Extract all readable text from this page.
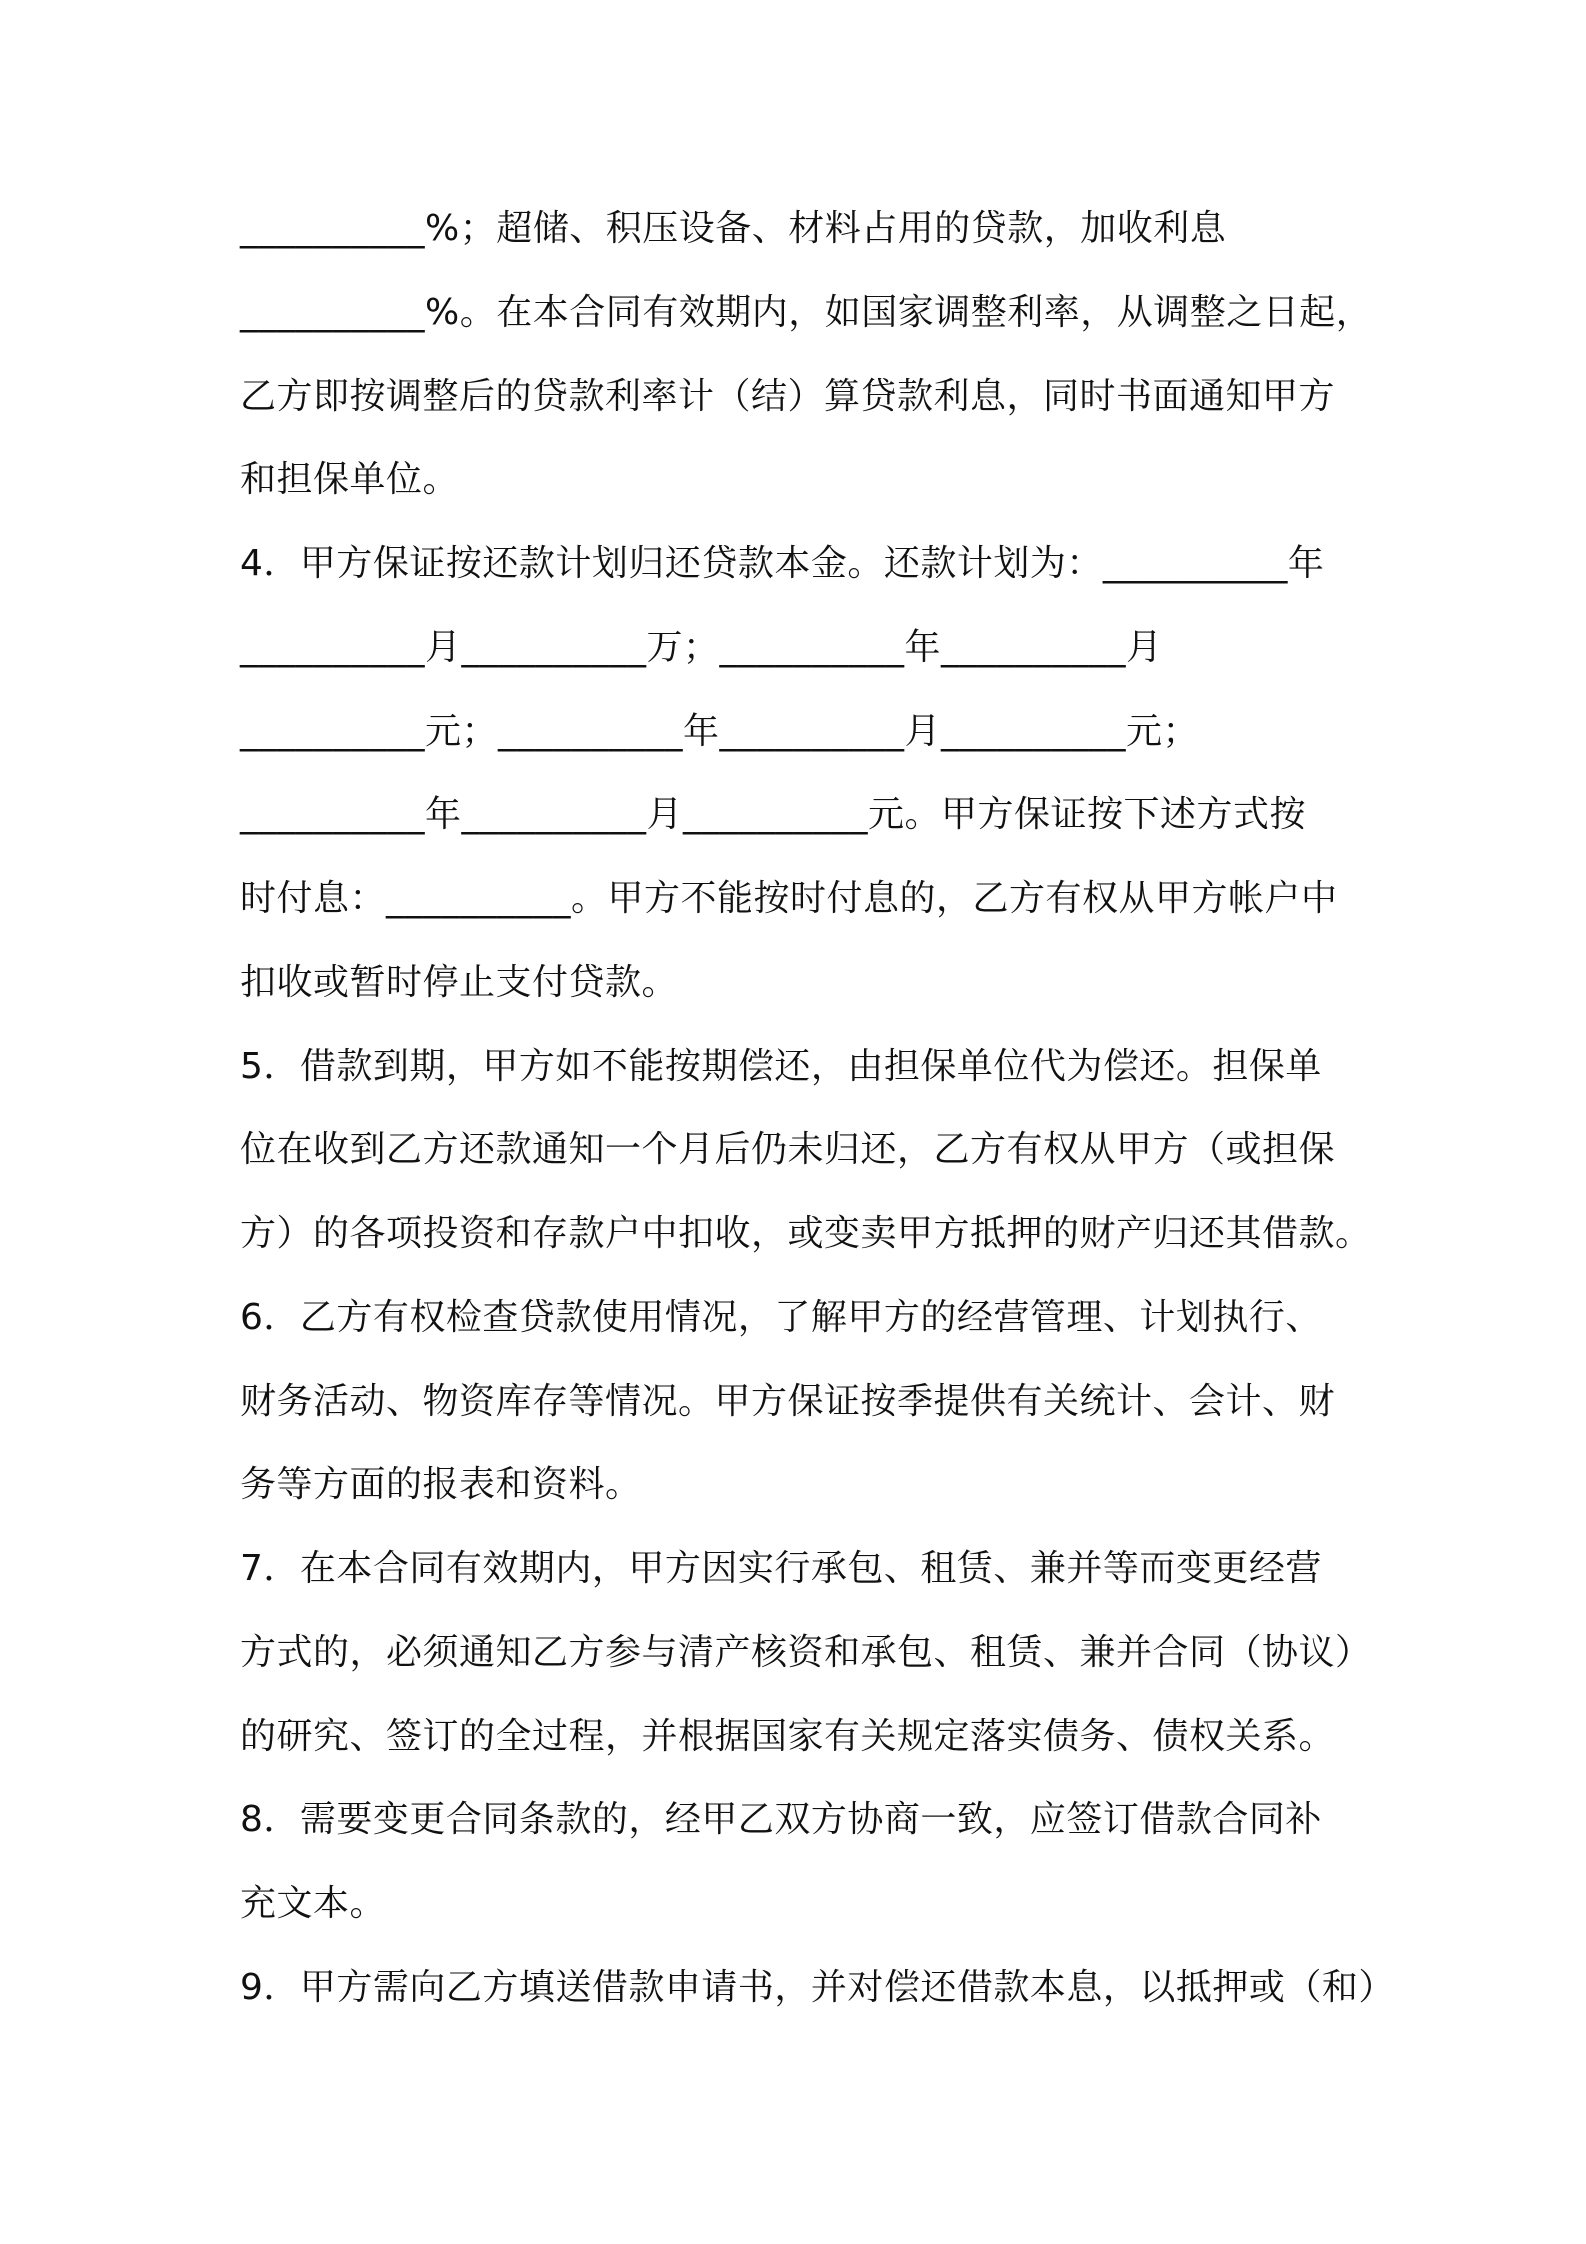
__________%；超储、积压设备、材料占用的贷款，加收利息
__________%。在本合同有效期内，如国家调整利率，从调整之日起，
乙方即按调整后的贷款利率计（结）算贷款利息，同时书面通知甲方
和担保单位。
4．甲方保证按还款计划归还贷款本金。还款计划为：__________年
__________月__________万；__________年__________月
__________元；__________年__________月__________元；
__________年__________月__________元。甲方保证按下述方式按
时付息：__________。甲方不能按时付息的，乙方有权从甲方帐户中
扣收或暂时停止支付贷款。
5．借款到期，甲方如不能按期偿还，由担保单位代为偿还。担保单
位在收到乙方还款通知一个月后仍未归还，乙方有权从甲方（或担保
方）的各项投资和存款户中扣收，或变卖甲方抵押的财产归还其借款。
6．乙方有权检查贷款使用情况，了解甲方的经营管理、计划执行、
财务活动、物资库存等情况。甲方保证按季提供有关统计、会计、财
务等方面的报表和资料。
7．在本合同有效期内，甲方因实行承包、租赁、兼并等而变更经营
方式的，必须通知乙方参与清产核资和承包、租赁、兼并合同（协议）
的研究、签订的全过程，并根据国家有关规定落实债务、债权关系。
8．需要变更合同条款的，经甲乙双方协商一致，应签订借款合同补
充文本。
9．甲方需向乙方填送借款申请书，并对偿还借款本息，以抵押或（和）
